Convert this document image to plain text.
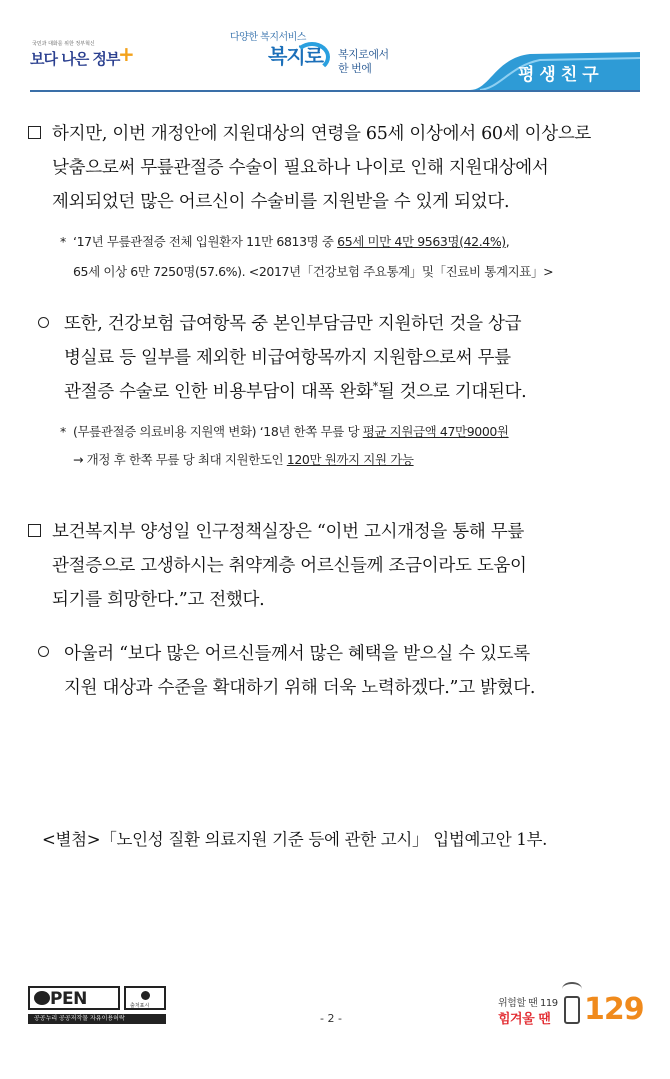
국민과 대화를 위한 정부혁신
보다 나은 정부
+
다양한 복지서비스
복지로 복지로에서
한 번에	평생친구
하지만, 이번 개정안에 지원대상의 연령을 65세 이상에서 60세 이상으로
낮춤으로써 무릎관절증 수술이 필요하나 나이로 인해 지원대상에서
제외되었던 많은 어르신이 수술비를 지원받을 수 있게 되었다.
* ‘17년 무릎관절증 전체 입원환자 11만 6813명 중 65세 미만 4만 9563명(42.4%),
65세 이상 6만 7250명(57.6%). <2017년「건강보험 주요통계」및「진료비 통계지표」>
또한, 건강보험 급여항목 중 본인부담금만 지원하던 것을 상급
병실료 등 일부를 제외한 비급여항목까지 지원함으로써 무릎
관절증 수술로 인한 비용부담이 대폭 완화*될 것으로 기대된다.
* (무릎관절증 의료비용 지원액 변화) ‘18년 한쪽 무릎 당 평균 지원금액 47만9000원
→ 개정 후 한쪽 무릎 당 최대 지원한도인 120만 원까지 지원 가능
보건복지부 양성일 인구정책실장은 “이번 고시개정을 통해 무릎
관절증으로 고생하시는 취약계층 어르신들께 조금이라도 도움이
되기를 희망한다.”고 전했다.
아울러 “보다 많은 어르신들께서 많은 혜택을 받으실 수 있도록
지원 대상과 수준을 확대하기 위해 더욱 노력하겠다.”고 밝혔다.
<별첨>「노인성 질환 의료지원 기준 등에 관한 고시」 입법예고안 1부.
PEN	출처표시
공공누리 공공저작물 자유이용허락	- 2 -
위험할 땐 119
힘겨울 땐 129
